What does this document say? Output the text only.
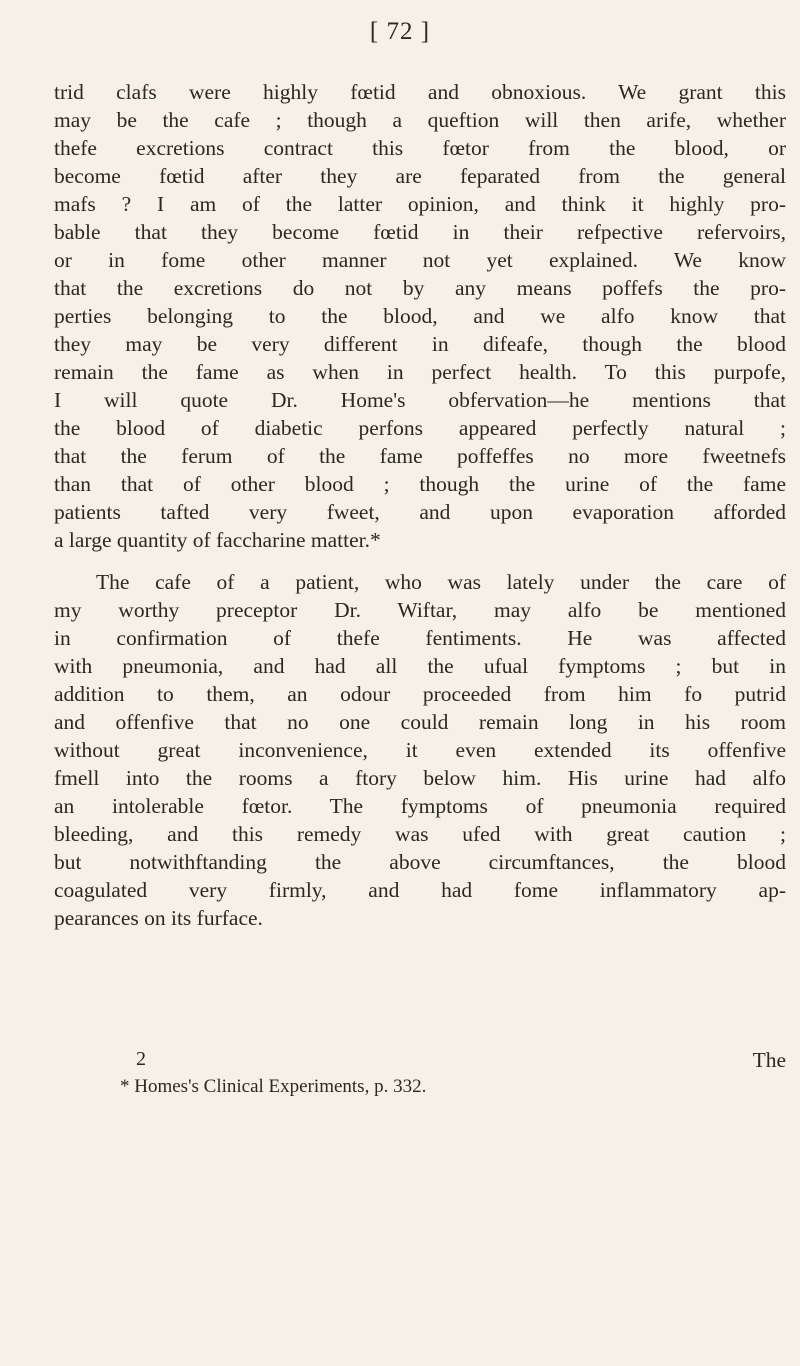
[ 72 ]
trid clafs were highly fœtid and obnoxious. We grant this
may be the cafe ; though a queftion will then arife, whether
thefe excretions contract this fœtor from the blood, or
become fœtid after they are feparated from the general
mafs ? I am of the latter opinion, and think it highly pro-
bable that they become fœtid in their refpective refervoirs,
or in fome other manner not yet explained. We know
that the excretions do not by any means poffefs the pro-
perties belonging to the blood, and we alfo know that
they may be very different in difeafe, though the blood
remain the fame as when in perfect health. To this purpofe,
I will quote Dr. Home's obfervation—he mentions that
the blood of diabetic perfons appeared perfectly natural ;
that the ferum of the fame poffeffes no more fweetnefs
than that of other blood ; though the urine of the fame
patients tafted very fweet, and upon evaporation afforded
a large quantity of faccharine matter.*
The cafe of a patient, who was lately under the care of
my worthy preceptor Dr. Wiftar, may alfo be mentioned
in confirmation of thefe fentiments. He was affected
with pneumonia, and had all the ufual fymptoms ; but in
addition to them, an odour proceeded from him fo putrid
and offenfive that no one could remain long in his room
without great inconvenience, it even extended its offenfive
fmell into the rooms a ftory below him. His urine had alfo
an intolerable fœtor. The fymptoms of pneumonia required
bleeding, and this remedy was ufed with great caution ;
but notwithftanding the above circumftances, the blood
coagulated very firmly, and had fome inflammatory ap-
pearances on its furface.
2	The
* Homes's Clinical Experiments, p. 332.
